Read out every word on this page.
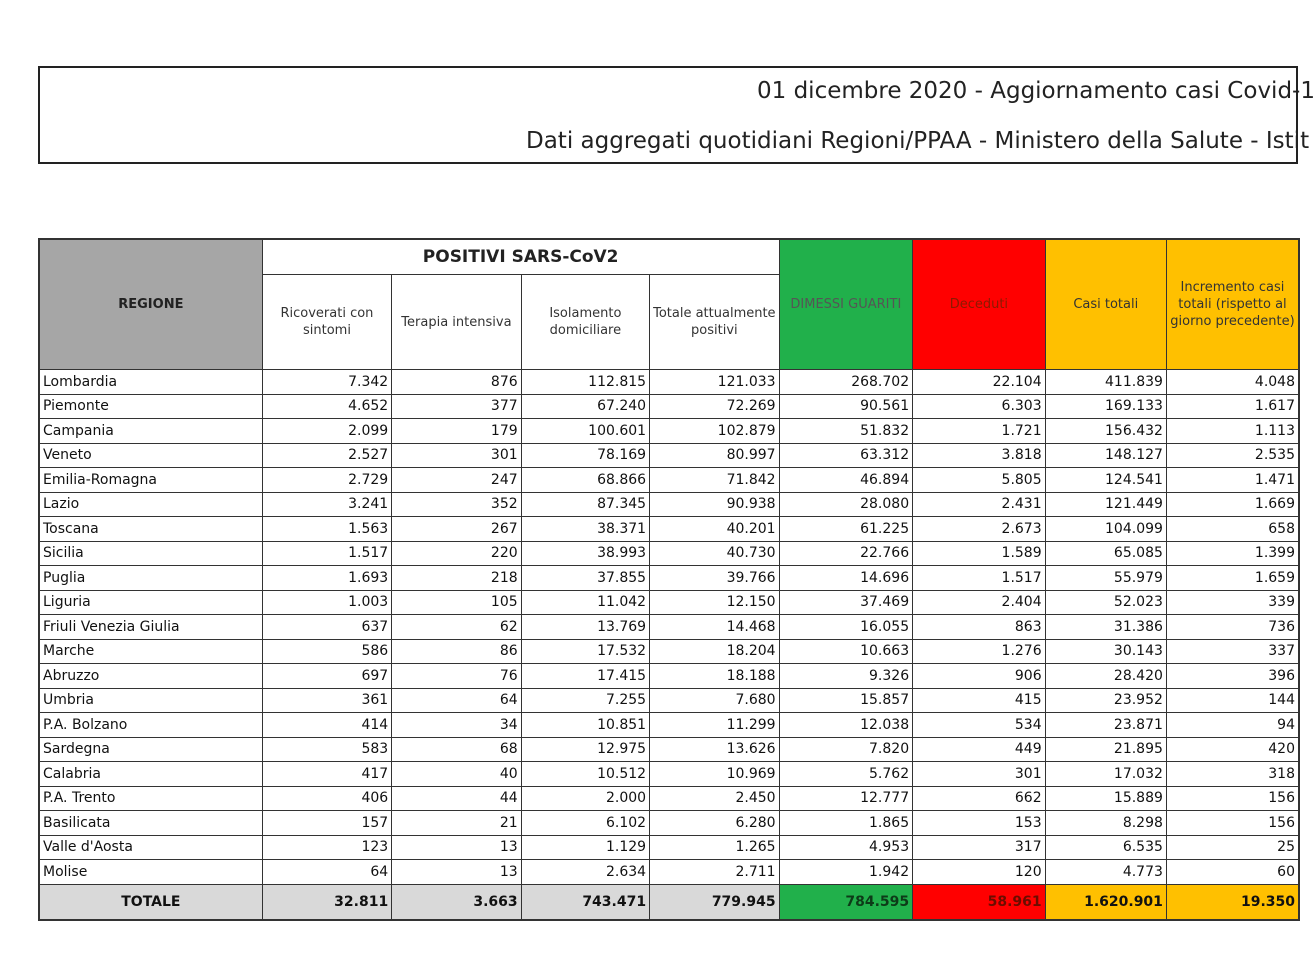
01 dicembre 2020 - Aggiornamento casi Covid-1
Dati aggregati quotidiani Regioni/PPAA - Ministero della Salute - Istit
REGIONE	POSITIVI SARS-CoV2				DIMESSI GUARITI	Deceduti	Casi totali	Incremento casi totali (rispetto al giorno precedente)
	Ricoverati con sintomi	Terapia intensiva	Isolamento domiciliare	Totale attualmente positivi				
Lombardia	7.342	876	112.815	121.033	268.702	22.104	411.839	4.048
Piemonte	4.652	377	67.240	72.269	90.561	6.303	169.133	1.617
Campania	2.099	179	100.601	102.879	51.832	1.721	156.432	1.113
Veneto	2.527	301	78.169	80.997	63.312	3.818	148.127	2.535
Emilia-Romagna	2.729	247	68.866	71.842	46.894	5.805	124.541	1.471
Lazio	3.241	352	87.345	90.938	28.080	2.431	121.449	1.669
Toscana	1.563	267	38.371	40.201	61.225	2.673	104.099	658
Sicilia	1.517	220	38.993	40.730	22.766	1.589	65.085	1.399
Puglia	1.693	218	37.855	39.766	14.696	1.517	55.979	1.659
Liguria	1.003	105	11.042	12.150	37.469	2.404	52.023	339
Friuli Venezia Giulia	637	62	13.769	14.468	16.055	863	31.386	736
Marche	586	86	17.532	18.204	10.663	1.276	30.143	337
Abruzzo	697	76	17.415	18.188	9.326	906	28.420	396
Umbria	361	64	7.255	7.680	15.857	415	23.952	144
P.A. Bolzano	414	34	10.851	11.299	12.038	534	23.871	94
Sardegna	583	68	12.975	13.626	7.820	449	21.895	420
Calabria	417	40	10.512	10.969	5.762	301	17.032	318
P.A. Trento	406	44	2.000	2.450	12.777	662	15.889	156
Basilicata	157	21	6.102	6.280	1.865	153	8.298	156
Valle d'Aosta	123	13	1.129	1.265	4.953	317	6.535	25
Molise	64	13	2.634	2.711	1.942	120	4.773	60
TOTALE	32.811	3.663	743.471	779.945	784.595	58.961	1.620.901	19.350
